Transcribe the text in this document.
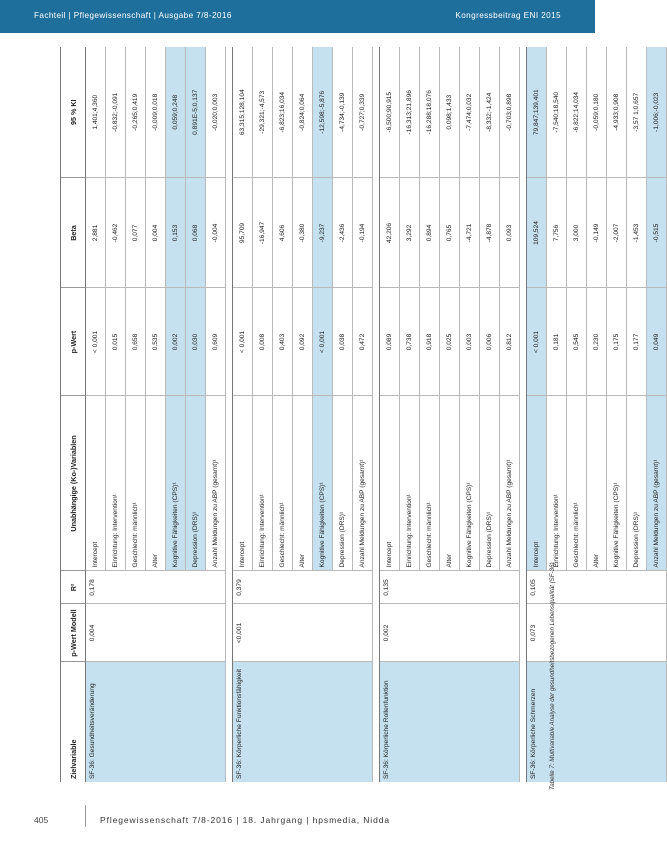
Fachteil | Pflegewissenschaft | Ausgabe 7/8-2016	Kongressbeitrag ENI 2015
Zielvariable	p-Wert Modell	R²	Unabhängige (Ko-)Variablen	p-Wert	Beta	95 % KI
SF-36: Gesundheitsveränderung	0,004	0,178	Intercept	< 0,001	2,881	1,401;4,360
			Einrichtung: Intervention¹	0,015	-0,462	-0,832;-0,091
			Geschlecht: männlich¹	0,658	0,077	-0,265;0,419
			Alter	0,535	0,004	-0,009;0,018
			Kognitive Fähigkeiten (CPS)¹	0,002	0,153	0,059;0,248
			Depression (DRS)¹	0,030	0,068	0,891E-5;0,137
			Anzahl Meldungen zu ABP (gesamt)¹	0,609	-0,004	-0,020;0,003

SF-36: Körperliche Funktionsfähigkeit	<0,001	0,379	Intercept	< 0,001	95,709	63,315;128,104
			Einrichtung: Intervention¹	0,008	-16,947	-29,321;-4,573
			Geschlecht: männlich¹	0,403	4,606	-6,823;16,034
			Alter	0,092	-0,380	-0,824;0,064
			Kognitive Fähigkeiten (CPS)¹	< 0,001	-9,237	-12,598;-5,876
			Depression (DRS)¹	0,038	-2,436	-4,734;-0,139
			Anzahl Meldungen zu ABP (gesamt)¹	0,472	-0,194	-0,727;0,339

SF-36: Körperliche Rollenfunktion	0,002	0,135	Intercept	0,089	42,206	-6,500;90,915
			Einrichtung: Intervention¹	0,738	3,292	-16,313;21,896
			Geschlecht: männlich¹	0,918	0,894	-16,288;18,076
			Alter	0,025	0,765	0,098;1,433
			Kognitive Fähigkeiten (CPS)¹	0,003	-4,721	-7,474;0,032
			Depression (DRS)¹	0,006	-4,878	-8,332;-1,424
			Anzahl Meldungen zu ABP (gesamt)¹	0,812	0,093	-0,703;0,898

SF-36: Körperliche Schmerzen	0,073	0,105	Intercept	< 0,001	109,524	79,847;139,401
			Einrichtung: Intervention¹	0,181	7,756	-7,540;18,540
			Geschlecht: männlich¹	0,545	3,000	-6,822;14,034
			Alter	0,230	-0,149	-0,059;0,180
			Kognitive Fähigkeiten (CPS)¹	0,175	-2,007	-4,933;0,908
			Depression (DRS)¹	0,177	-1,453	-3,57 1;0,657
			Anzahl Meldungen zu ABP (gesamt)¹	0,049	-0,515	-1,006;-0,023
Tabelle 7: Multivariable Analyse der gesundheitsbezogenen Lebensqualität (SF-36)
405	Pflegewissenschaft 7/8-2016 | 18. Jahrgang | hpsmedia, Nidda
